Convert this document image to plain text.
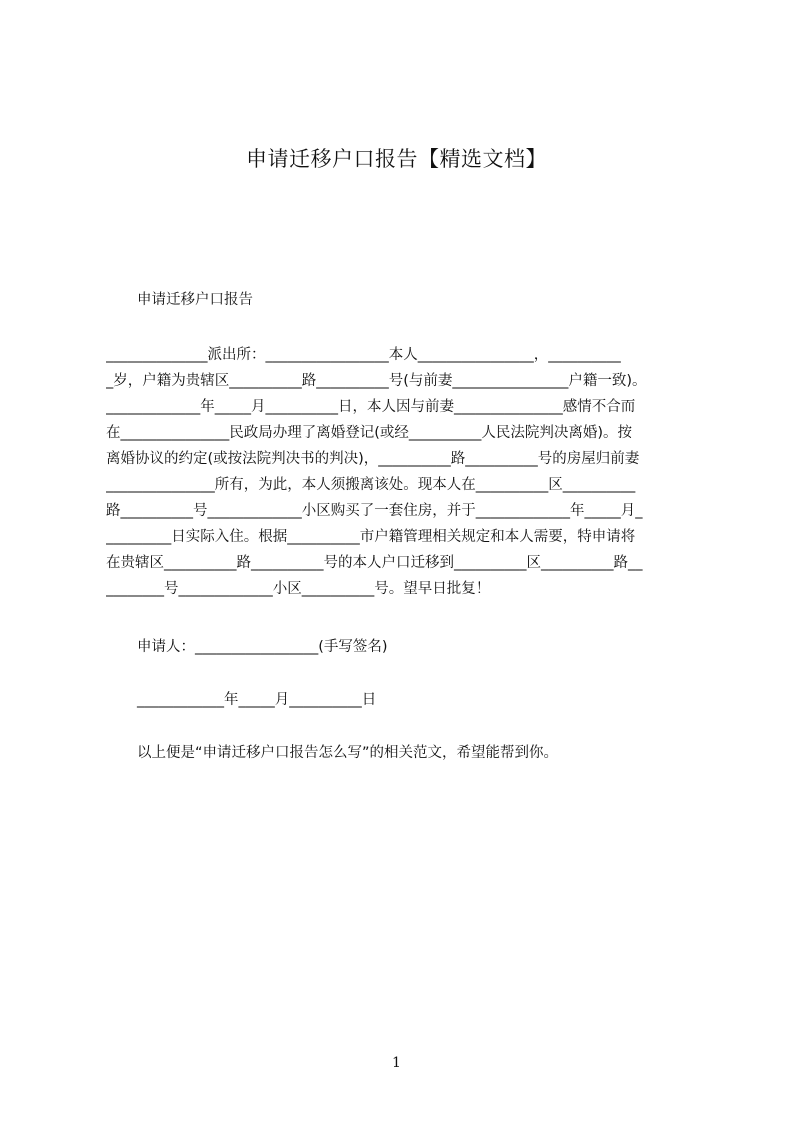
申请迁移户口报告【精选文档】
申请迁移户口报告
______________派出所：_________________本人________________，__________
_岁，户籍为贵辖区__________路__________号(与前妻________________户籍一致)。
_____________年_____月__________日，本人因与前妻_______________感情不合而
在_______________民政局办理了离婚登记(或经__________人民法院判决离婚)。按
离婚协议的约定(或按法院判决书的判决)，__________路__________号的房屋归前妻
_______________所有，为此，本人须搬离该处。现本人在__________区__________
路__________号_____________小区购买了一套住房，并于_____________年_____月_
_________日实际入住。根据__________市户籍管理相关规定和本人需要，特申请将
在贵辖区__________路__________号的本人户口迁移到__________区__________路__
________号_____________小区__________号。望早日批复！
申请人：_________________(手写签名)
____________年_____月__________日
以上便是“申请迁移户口报告怎么写”的相关范文，希望能帮到你。
1
